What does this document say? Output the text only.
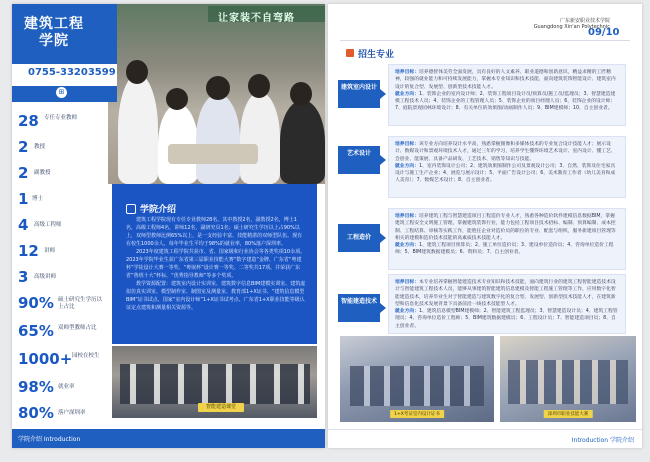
建筑工程
学院
0755-33203599
⊞
28 专任专业教师
2 教授
2 副教授
1 博士
4 高级工程师
12 讲师
3 高级讲师
90% 硕士研究生学历以上占比
65% 双师型教师占比
1000+ 园校在校生
98% 就业率
80% 落户深圳率
让家装不自弯路
学院介绍
建筑工程学院现有专任专业教师28名，其中教授2名，副教授2名，博士1名，高级工程师4名，讲师12名，副研究员1名；硕士研究生学历以上占90%以上，双师型教师比例65%以上，是一支经验丰富、技能精湛的双师型队伍。现有在校生1000余人，每年毕业生平均于98%的就业率，80%落户深圳率。
2023年度建筑工程学院共获市、省、国家级和行业协会等各类奖项10余项。2023年学院毕业生获广东省第三届职业技能大赛“数字建造”金牌、广东省“粤建杯”学徒设计大赛一等奖、“粤嵌杯”设计赛一等奖、二等奖共17项。并荣获广东省“鲁班十大”杯标、“优秀指导教师”等多个奖项。
教学资源配置：建筑室内设计实训室、建筑数字信息BIM建模实训室、建筑虚拟仿真实训室、模型制作室、制图室及测量室、教育部1+X证书、“建筑信息模型BIM”证书试点、国家“室内设计师”1+X证书试考点、广东省1+X职业技能等级认证定点建筑和测量相关资源等。
智能建造课堂
学院介绍 Introduction
广东新安职业技术学院
Guangdong Xin'an Polytechnic
09/10
招生专业
建筑室内设计
培养目标：培养德智体美劳全面发展，具有良好的人文素养、职业道德和创新意识，精益求精的工匠精神，较强的就业能力和可持续发展能力，掌握本专业知识和技术技能，面向建筑装饰智能设计、建筑室内设计的复合型、发展型、创新型技术技能人才。
就业方向：1、装饰企业的室内设计师；2、装饰工程项目设计员/预算员/施工员/监理员；3、智慧建造建模工程技术人员；4、装饰企业的工程管理人员；5、装饰企业的项目经理人员；6、装饰企业的设计师；7、庭院景观园林环境设计；8、有关单位的效果图/动画制作人员；9、BIM建模师；10、自主创业者。
艺术设计
培养目标：该专业方向培养设计水平高，熟悉掌握图像和多媒体技术的专业复合设计技能人才；展示设计、数媒设计和景观环境技术人才，通过三年的学习，培养学生懂得环境艺术设计、室内设计、懂工艺、会创业、能策展、具备产品研发、工艺技术、销售等知识与技能。
就业方向：1、室内装饰设计公司；2、建筑效果图制作公司及景观设计公司；3、自然、装饰及住宅家具设计与施工生产企业；4、展览与展示设计；5、平面广告设计公司；6、美术教育工作者（幼儿美育和成人美育）；7、数媒艺术设计；8、自主创业者。
工程造价
培养目标：培养建筑工程与智慧建造项目工程造价专业人才，熟悉各种造价软件建模信息数据BIM，掌握建筑工程安全文明施工管理，掌握建筑装饰行业，能力包括工程项目技术招标、编制、预算编制、成本控制、工程结算、审核等实践工作，能胜任企业对造价员的职位的专业、配套与组织，服务新建项目管理等相关的建模和造价技术技能的高素质技术技能人才。
就业方向：1、建筑工程项目预算员；2、施工单位造价员；3、建设单位造价员；4、咨询单位造价工程师；5、BIM建筑数据建模员；6、资料员；7、自主创业者。
智能建造技术
培养目标：本专业培养掌握智能建造技术专业知识和技术技能，面向建筑行业的建筑工程智能建造技术设计与智能建筑工程技术人员，能够从事建筑智能建筑信息建模及智能工程施工管理等工作，应用数字化智能建造技术，培养毕业生对于智能建造与建筑数字化的复合型、发展型、创新型技术技能人才，在建筑新型和信息化技术发展背景下具备前沿一线技术技能型人才。
就业方向：1、建筑信息模型BIM建模师；2、智能建筑工程监理员；3、智慧建造设计员；4、建筑工程管理员；4、咨询单位造价工程师；5、BIM建筑数据建模员；6、工程设计员；7、智能建造项目员；8、自主创业者。
1+X考证室内设计证书	深圳市职业技能大赛
Introduction 学院介绍
